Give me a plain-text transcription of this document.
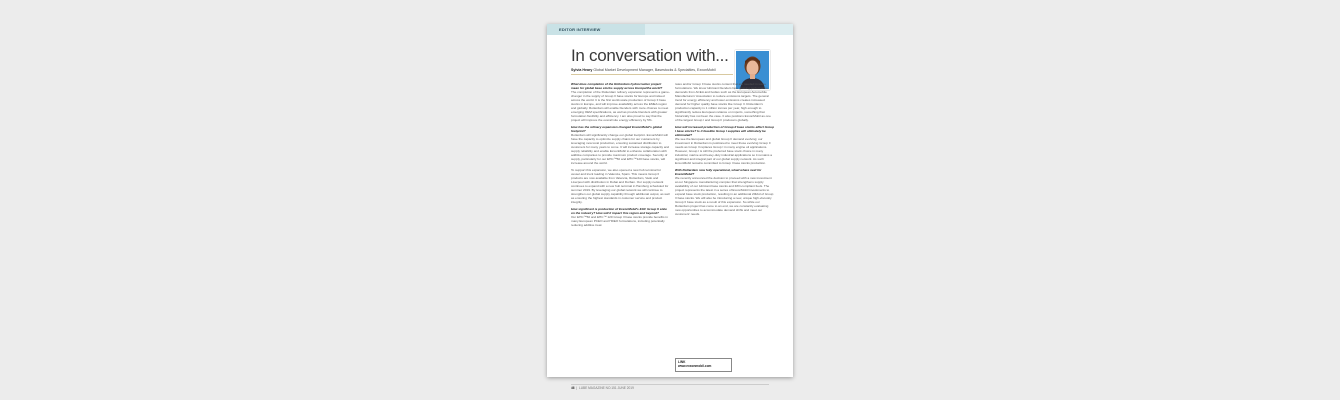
EDITOR INTERVIEW
In conversation with...
Sylvia Heary Global Market Development Manager, Basestocks & Specialties, ExxonMobil

What does completion of the Rotterdam hydrocracker project mean for global base stocks supply across Europe/the world?

The completion of the Rotterdam refinery expansion represents a game-changer in the supply of Group II base stocks for Europe and indeed across the world. It is the first world-scale production of Group II base stocks in Europe, and will improve availability across the EMEA region and globally. Rotterdam will enable blenders with more choices to meet emerging OEM specifications, as well as provide blenders with greater formulation flexibility and efficiency. I am also proud to say that the project will improve the overall site energy efficiency by 5%.

How has the refinery expansion changed ExxonMobil's global footprint?

Rotterdam will significantly change our global footprint. ExxonMobil will have the capacity to optimize supply chains for our customers by leveraging new local production, ensuring sustained distribution to customers for many years to come. It will increase storage capacity and supply reliability and enable ExxonMobil to enhance collaboration with additive companies to provide maximum product coverage. Security of supply, particularly for our EHC™50 and EHC™120 base stocks, will increase around the world.

To support this expansion, we also opened a new hub terminal for vessel and truck loading in Valencia, Spain. This means Group II products are now available from Valencia, Rotterdam, Vado and Liverpool with distribution in Dubai and Durban. Our supply network continues to expand with a new hub terminal in Hamburg scheduled for summer 2019. By leveraging our global network we will continue to strengthen our global supply capability through additional output, as well as ensuring the highest standards in customer service and product integrity.

How significant is production of ExxonMobil's EHC Group II slate on the industry? How will it impact this region and beyond?

Our EHC™50 and EHC™ 120 Group II base stocks provide benefits in many European PCEO and HDEO formulations, including potentially reducing additive treat

rates and/or Group II base stocks content that are needed in some formulations. We know lubricant blenders face growing performance demands from ACEA and bodies such as the European Automobile Manufacturers' Association to reduce emissions targets. The general trend for energy efficiency and lower emissions creates increased demand for higher quality base stocks like Group II. Rotterdam's production capacity is 1 million tonnes per year, high enough to significantly reduce European reliance on imports, something that historically has not been the case. It also positions ExxonMobil as one of the largest Group I and Group II producers globally.

How will increased production of Group II base stocks affect Group I base stocks? Is it feasible Group I supplies will ultimately be eliminated?

We see the European and global Group II demand evolving; our investment in Rotterdam is positioned to meet those evolving Group II needs as Group II replaces Group I in many engine oil applications. However, Group I is still the preferred base stock choice in many industrial, marine and heavy-duty industrial applications so it remains a significant and integral part of our global supply network. As such ExxonMobil remains committed to Group I base stocks production.

With Rotterdam now fully operational, what/ where next for ExxonMobil?

We recently announced the decision to proceed with a new investment at our Singapore manufacturing complex that strengthens supply availability of our lubricant base stocks and IMO-compliant fuels. The project represents the latest in a series of ExxonMobil investments to expand base stock production, resulting in an additional 20kbd of Group II base stocks. We will also be introducing a new, unique high-viscosity Group II base stock as a result of this expansion. So while our Rotterdam project has come to an end, we are constantly evaluating new opportunities to accommodate demand shifts and meet our customers' needs.

LINK
www.exxonmobil.com
46  |  LUBE MAGAZINE NO.151 JUNE 2019
